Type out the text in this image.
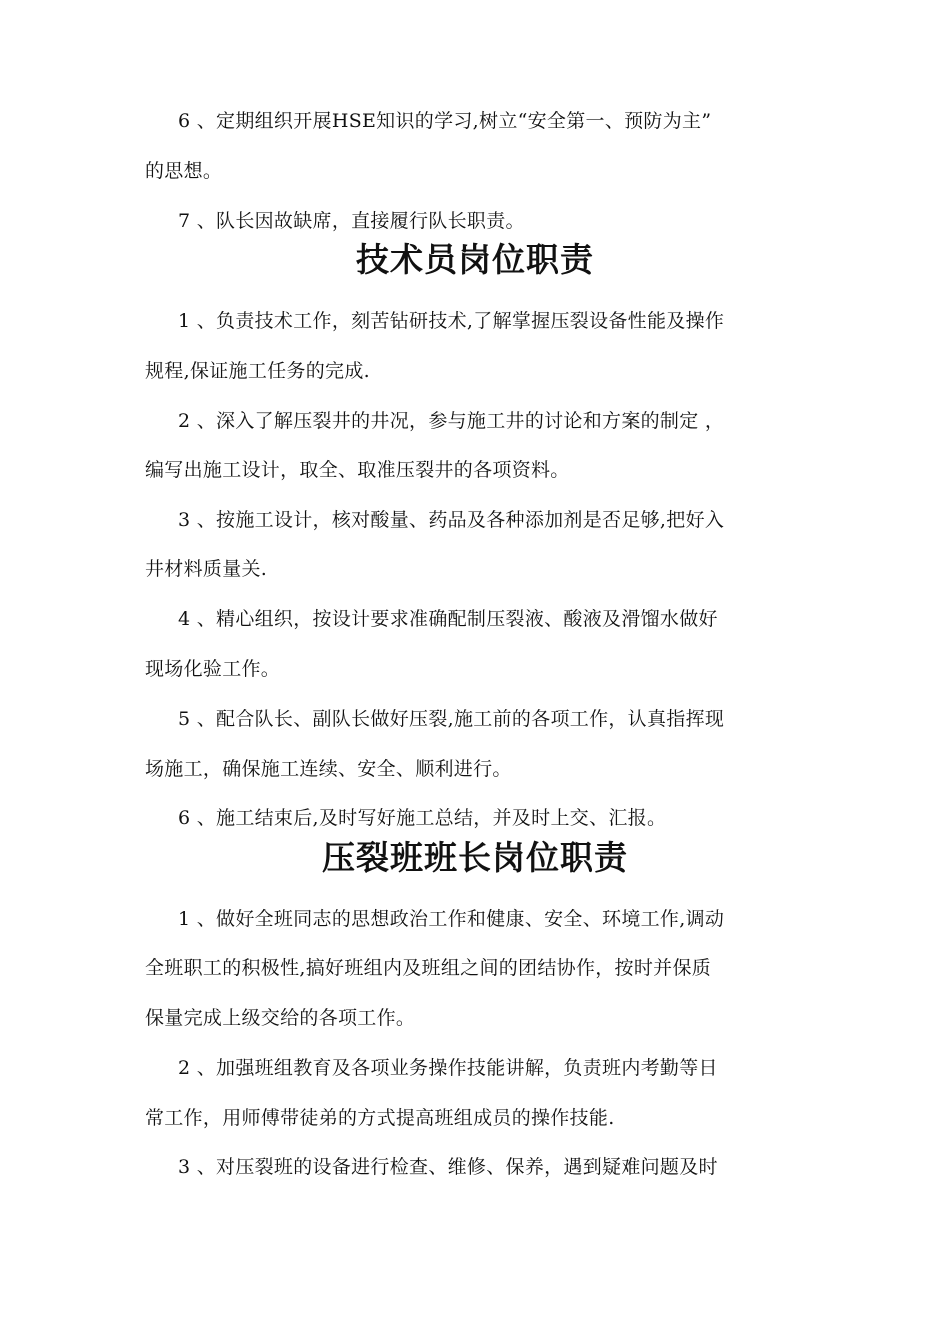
6 、定期组织开展HSE知识的学习,树立“安全第一、预防为主”
的思想。
7 、队长因故缺席，直接履行队长职责。
技术员岗位职责
1 、负责技术工作，刻苦钻研技术,了解掌握压裂设备性能及操作
规程,保证施工任务的完成.
2 、深入了解压裂井的井况，参与施工井的讨论和方案的制定 ，
编写出施工设计，取全、取准压裂井的各项资料。
3 、按施工设计，核对酸量、药品及各种添加剂是否足够,把好入
井材料质量关.
4 、精心组织，按设计要求准确配制压裂液、酸液及滑馏水做好
现场化验工作。
5 、配合队长、副队长做好压裂,施工前的各项工作，认真指挥现
场施工，确保施工连续、安全、顺利进行。
6 、施工结束后,及时写好施工总结，并及时上交、汇报。
压裂班班长岗位职责
1 、做好全班同志的思想政治工作和健康、安全、环境工作,调动
全班职工的积极性,搞好班组内及班组之间的团结协作，按时并保质
保量完成上级交给的各项工作。
2 、加强班组教育及各项业务操作技能讲解，负责班内考勤等日
常工作，用师傅带徒弟的方式提高班组成员的操作技能.
3 、对压裂班的设备进行检查、维修、保养，遇到疑难问题及时
